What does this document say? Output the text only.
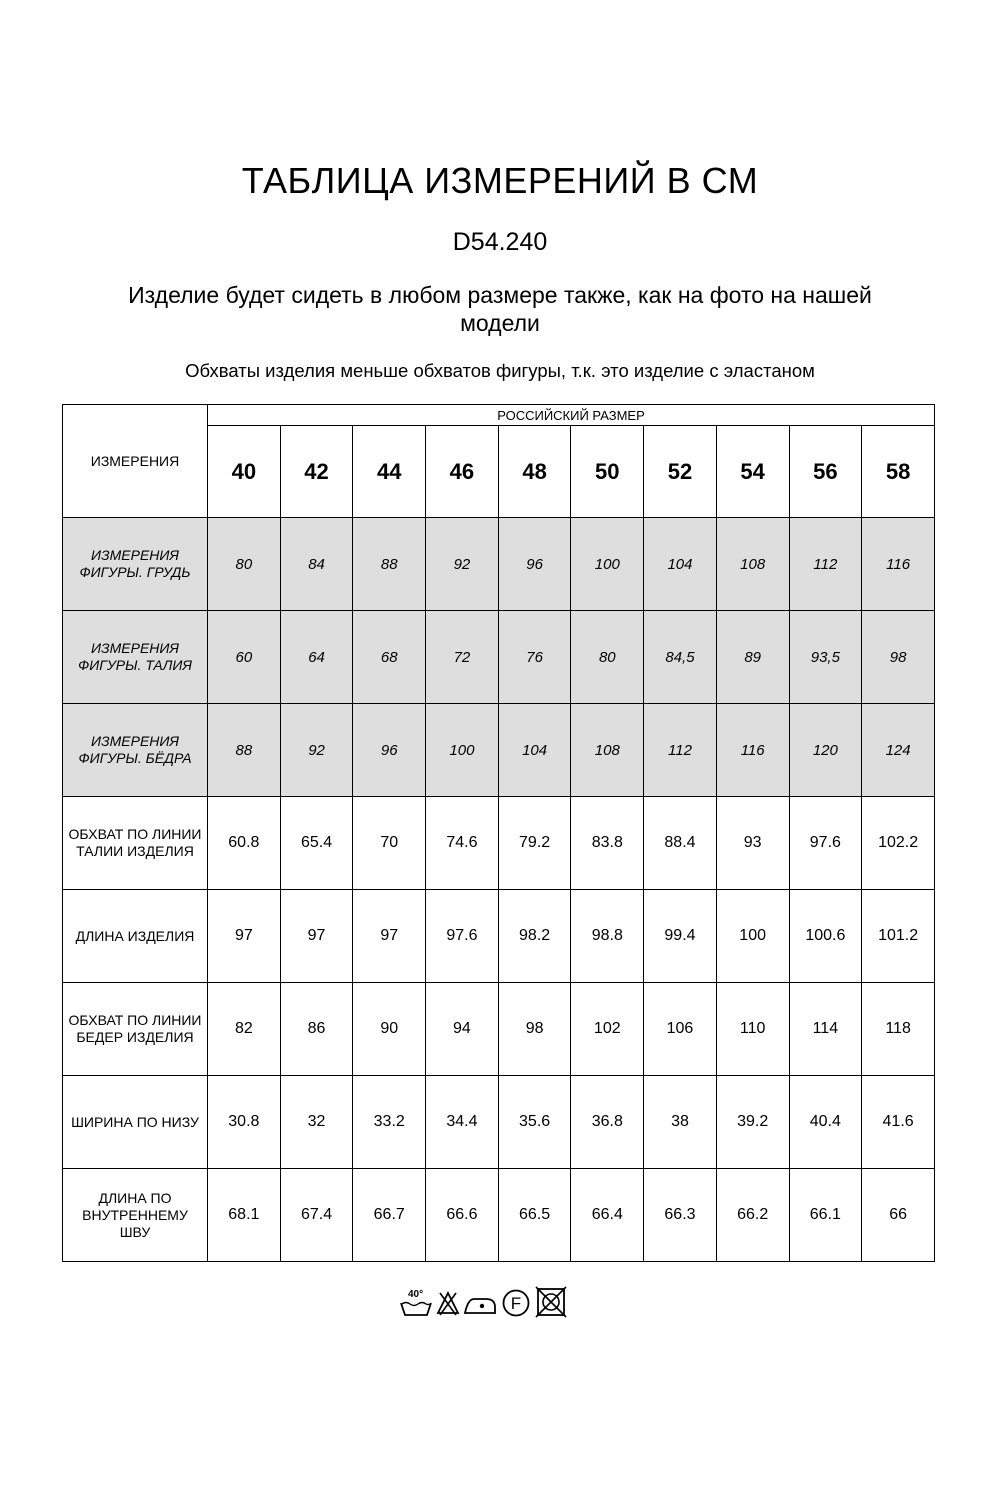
ТАБЛИЦА ИЗМЕРЕНИЙ В СМ
D54.240
Изделие будет сидеть в любом размере также, как на фото на нашей модели
Обхваты изделия меньше обхватов фигуры, т.к. это изделие с эластаном
ИЗМЕРЕНИЯ	РОССИЙСКИЙ РАЗМЕР									
	40	42	44	46	48	50	52	54	56	58
ИЗМЕРЕНИЯ ФИГУРЫ. ГРУДЬ	80	84	88	92	96	100	104	108	112	116
ИЗМЕРЕНИЯ ФИГУРЫ. ТАЛИЯ	60	64	68	72	76	80	84,5	89	93,5	98
ИЗМЕРЕНИЯ ФИГУРЫ. БЁДРА	88	92	96	100	104	108	112	116	120	124
ОБХВАТ ПО ЛИНИИ ТАЛИИ ИЗДЕЛИЯ	60.8	65.4	70	74.6	79.2	83.8	88.4	93	97.6	102.2
ДЛИНА ИЗДЕЛИЯ	97	97	97	97.6	98.2	98.8	99.4	100	100.6	101.2
ОБХВАТ ПО ЛИНИИ БЕДЕР ИЗДЕЛИЯ	82	86	90	94	98	102	106	110	114	118
ШИРИНА ПО НИЗУ	30.8	32	33.2	34.4	35.6	36.8	38	39.2	40.4	41.6
ДЛИНА ПО ВНУТРЕННЕМУ ШВУ	68.1	67.4	66.7	66.6	66.5	66.4	66.3	66.2	66.1	66
40°	F
